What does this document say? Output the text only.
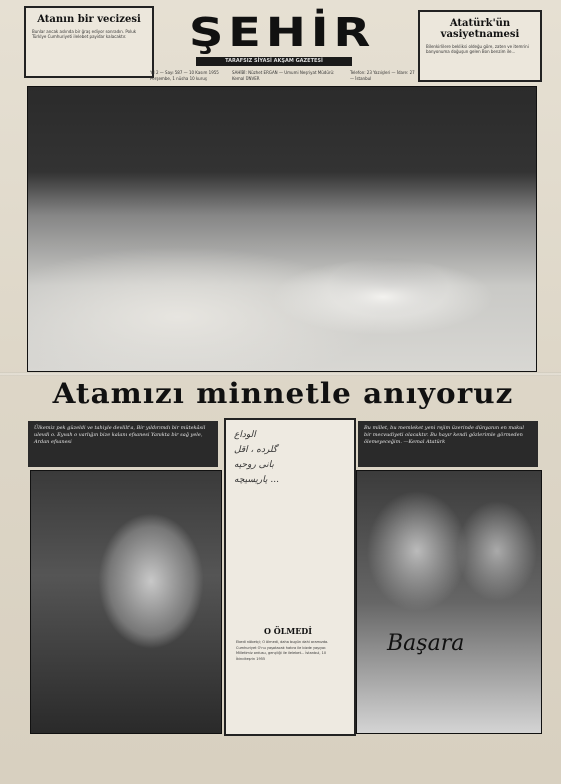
Atanın bir vecizesi

Bunlar ancak aslında bir ğraş ediyor sonradın. Poluk Türklye Cumhuriyeti ilelebet payidar kalacaktır.	ŞEHİR
TARAFSIZ SİYASİ AKŞAM GAZETESİ
Yıl 2 — Sayı 587 — 10 Kasım 1955 Perşembe, 1 nüsha 10 kuruş
SAHİBİ: Nüzhet ERGAN — Umumi Neşriyat Müdürü: Kemal ÜNVER
Telefon: 23 Yazıişleri — İdare: 27 — İstanbul
Atatürk'ün vasiyetnamesi

Bilenkirlilere bekliksi oldeğu göre, zaten ve itemrini banyonuma doğuşun gelen Bon benzim ile...

Atamızı minnetle anıyoruz
Ülkemiz pek güzeldi ve tahiyle devlilt'a, Bir yıldırımdı bir mütekâsil ulevdi o. Eyvah o varlığın bize kalanı efsanesi Yanıkta bir sağ yele, Ardan efsanesi
Bu millet, bu memleket yeni rejim üzerinde dünyanın en makul bir mecvudiyeti olacaktır. Bu hayır kendi gözlerimle görmeden ölemeyeceğim. —Kemal Atatürk
الوداع
گلرده ، اقل
بانی روحیه
یاریسیچه ...
O ÖLMEDİ
Ebedi nöbetçi; O ölmedi, daha bugün dahi aramızda. Cumhuriyet O'nu yaşatacak hatıra ile bizde yaşıyor. Milletimiz ordusu, gençliği ile ilelebet... İstanbul, 10 İkinciteşrin 1955
Başara
